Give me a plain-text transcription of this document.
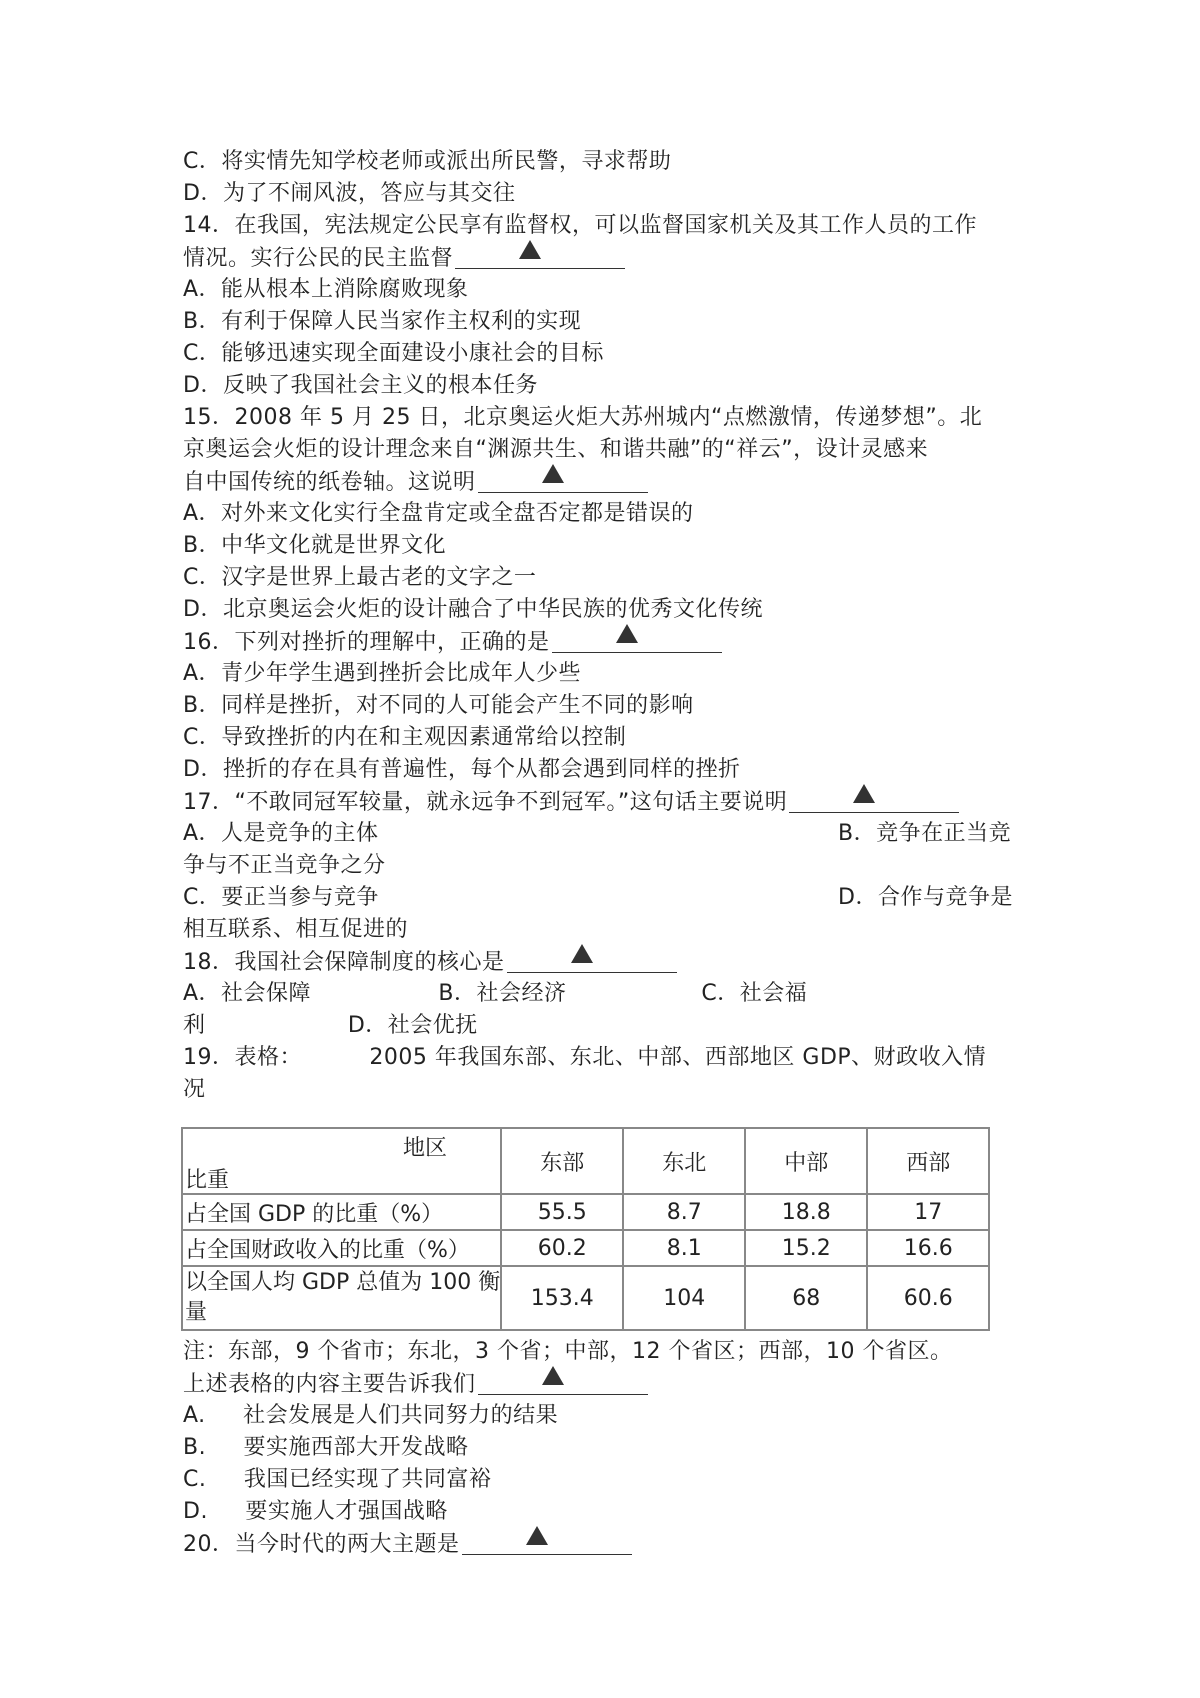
C．将实情先知学校老师或派出所民警，寻求帮助
D．为了不闹风波，答应与其交往
14．在我国，宪法规定公民享有监督权，可以监督国家机关及其工作人员的工作
情况。实行公民的民主监督
A．能从根本上消除腐败现象
B．有利于保障人民当家作主权利的实现
C．能够迅速实现全面建设小康社会的目标
D．反映了我国社会主义的根本任务
15．2008 年 5 月 25 日，北京奥运火炬大苏州城内“点燃激情，传递梦想”。北
京奥运会火炬的设计理念来自“渊源共生、和谐共融”的“祥云”，设计灵感来
自中国传统的纸卷轴。这说明
A．对外来文化实行全盘肯定或全盘否定都是错误的
B．中华文化就是世界文化
C．汉字是世界上最古老的文字之一
D．北京奥运会火炬的设计融合了中华民族的优秀文化传统
16．下列对挫折的理解中，正确的是
A．青少年学生遇到挫折会比成年人少些
B．同样是挫折，对不同的人可能会产生不同的影响
C．导致挫折的内在和主观因素通常给以控制
D．挫折的存在具有普遍性，每个从都会遇到同样的挫折
17．“不敢同冠军较量，就永远争不到冠军。”这句话主要说明
A．人是竞争的主体	B．竞争在正当竞
争与不正当竞争之分
C．要正当参与竞争	D．合作与竞争是
相互联系、相互促进的
18．我国社会保障制度的核心是
A．社会保障                 B．社会经济                  C．社会福
利                   D．社会优抚
19．表格：         2005 年我国东部、东北、中部、西部地区 GDP、财政收入情
况
地区
比重	东部	东北	中部	西部
占全国 GDP 的比重（%）	55.5	8.7	18.8	17
占全国财政收入的比重（%）	60.2	8.1	15.2	16.6
以全国人均 GDP 总值为 100 衡
量	153.4	104	68	60.6
注：东部，9 个省市；东北，3 个省；中部，12 个省区；西部，10 个省区。
上述表格的内容主要告诉我们
A.     社会发展是人们共同努力的结果
B.     要实施西部大开发战略
C.     我国已经实现了共同富裕
D.     要实施人才强国战略
20．当今时代的两大主题是
